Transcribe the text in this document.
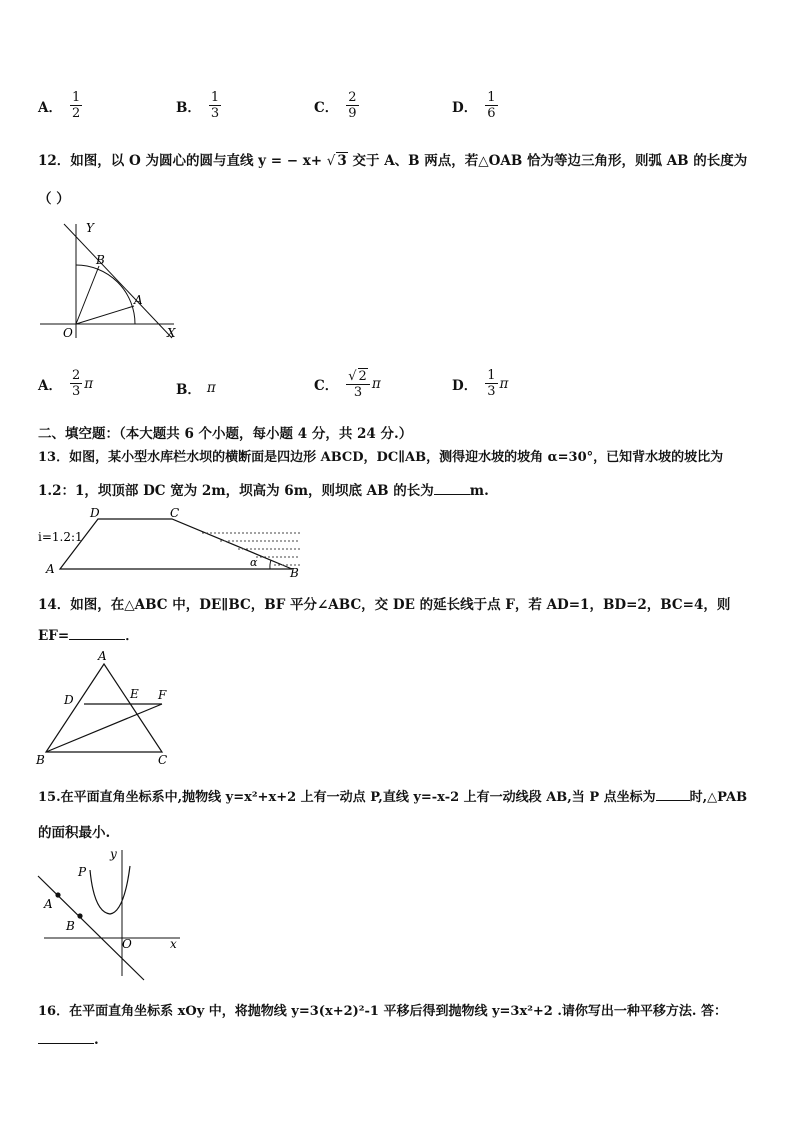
A． $\frac{1}{2}$	B． $\frac{1}{3}$	C． $\frac{2}{9}$	D． $\frac{1}{6}$
12．如图，以 O 为圆心的圆与直线 y = − x+ √ 3 交于 A、B 两点，若△OAB 恰为等边三角形，则弧 AB 的长度为
（ ）
Y
X
O
B
A
A． $\frac{2}{3}$ π	B． π	C． $\frac{√ 2}{3}$ π	D． $\frac{1}{3}$ π
二、填空题：（本大题共 6 个小题，每小题 4 分，共 24 分.）
13．如图，某小型水库栏水坝的横断面是四边形 ABCD，DC∥AB，测得迎水坡的坡角 α=30°，已知背水坡的坡比为
1.2：1，坝顶部 DC 宽为 2m，坝高为 6m，则坝底 AB 的长为	m.
i=1.2:1
A	B
C
D
α
14．如图，在△ABC 中，DE∥BC，BF 平分∠ABC，交 DE 的延长线于点 F，若 AD=1，BD=2，BC=4，则
EF=	．
A
B	C
D	E F
15.在平面直角坐标系中,抛物线 y=x²+x+2 上有一动点 P,直线 y=-x-2 上有一动线段 AB,当 P 点坐标为	时,△PAB
的面积最小.
y
x
O
P
A
B
16．在平面直角坐标系 xOy 中，将抛物线 y=3(x+2)²-1 平移后得到抛物线 y=3x²+2 .请你写出一种平移方法. 答：
.
